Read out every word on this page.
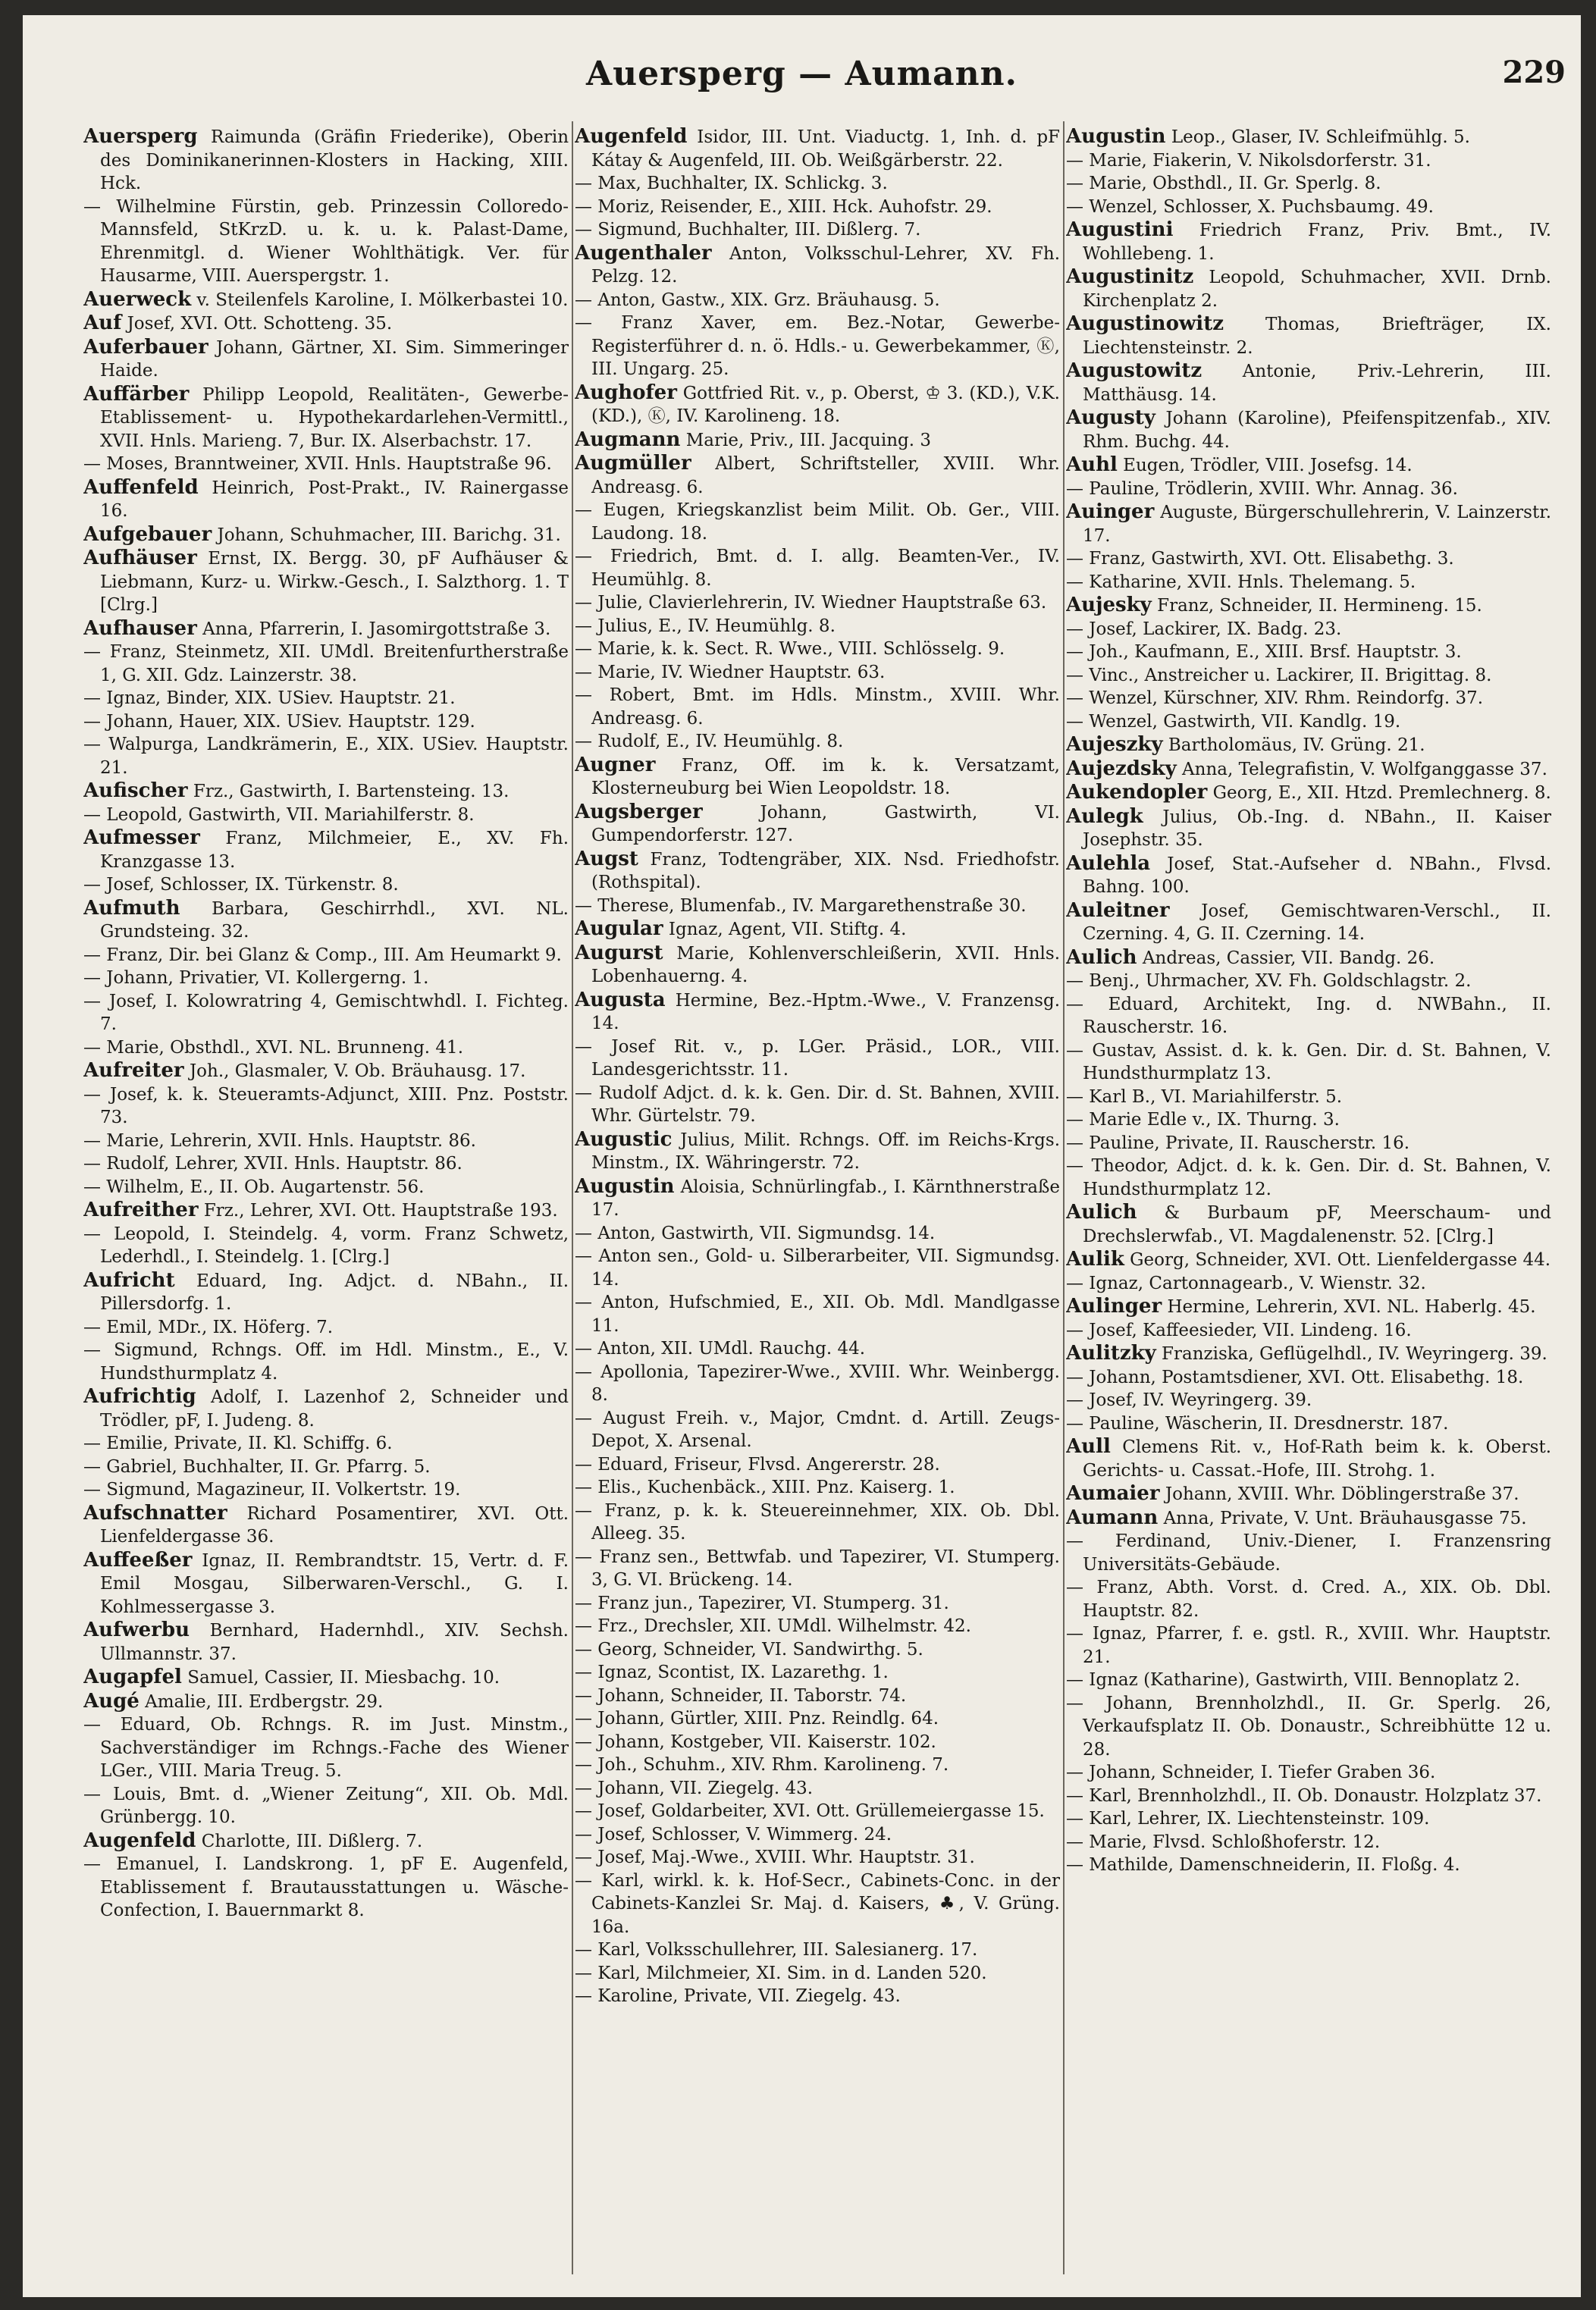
Auersperg — Aumann.	229

Auersperg Raimunda (Gräfin Friederike), Oberin des Dominikanerinnen-Klosters in Hacking, XIII. Hck.

— Wilhelmine Fürstin, geb. Prinzessin Colloredo-Mannsfeld, StKrzD. u. k. u. k. Palast-Dame, Ehrenmitgl. d. Wiener Wohlthätigk. Ver. für Hausarme, VIII. Auerspergstr. 1.

Auerweck v. Steilenfels Karoline, I. Mölkerbastei 10.

Auf Josef, XVI. Ott. Schotteng. 35.

Auferbauer Johann, Gärtner, XI. Sim. Simmeringer Haide.

Auffärber Philipp Leopold, Realitäten-, Gewerbe-Etablissement- u. Hypothekardarlehen-Vermittl., XVII. Hnls. Marieng. 7, Bur. IX. Alserbachstr. 17.

— Moses, Branntweiner, XVII. Hnls. Hauptstraße 96.

Auffenfeld Heinrich, Post-Prakt., IV. Rainergasse 16.

Aufgebauer Johann, Schuhmacher, III. Barichg. 31.

Aufhäuser Ernst, IX. Bergg. 30, pF Aufhäuser & Liebmann, Kurz- u. Wirkw.-Gesch., I. Salzthorg. 1. T [Clrg.]

Aufhauser Anna, Pfarrerin, I. Jasomirgottstraße 3.

— Franz, Steinmetz, XII. UMdl. Breitenfurtherstraße 1, G. XII. Gdz. Lainzerstr. 38.

— Ignaz, Binder, XIX. USiev. Hauptstr. 21.

— Johann, Hauer, XIX. USiev. Hauptstr. 129.

— Walpurga, Landkrämerin, E., XIX. USiev. Hauptstr. 21.

Aufischer Frz., Gastwirth, I. Bartensteing. 13.

— Leopold, Gastwirth, VII. Mariahilferstr. 8.

Aufmesser Franz, Milchmeier, E., XV. Fh. Kranzgasse 13.

— Josef, Schlosser, IX. Türkenstr. 8.

Aufmuth Barbara, Geschirrhdl., XVI. NL. Grundsteing. 32.

— Franz, Dir. bei Glanz & Comp., III. Am Heumarkt 9.

— Johann, Privatier, VI. Kollergerng. 1.

— Josef, I. Kolowratring 4, Gemischtwhdl. I. Fichteg. 7.

— Marie, Obsthdl., XVI. NL. Brunneng. 41.

Aufreiter Joh., Glasmaler, V. Ob. Bräuhausg. 17.

— Josef, k. k. Steueramts-Adjunct, XIII. Pnz. Poststr. 73.

— Marie, Lehrerin, XVII. Hnls. Hauptstr. 86.

— Rudolf, Lehrer, XVII. Hnls. Hauptstr. 86.

— Wilhelm, E., II. Ob. Augartenstr. 56.

Aufreither Frz., Lehrer, XVI. Ott. Hauptstraße 193.

— Leopold, I. Steindelg. 4, vorm. Franz Schwetz, Lederhdl., I. Steindelg. 1. [Clrg.]

Aufricht Eduard, Ing. Adjct. d. NBahn., II. Pillersdorfg. 1.

— Emil, MDr., IX. Höferg. 7.

— Sigmund, Rchngs. Off. im Hdl. Minstm., E., V. Hundsthurmplatz 4.

Aufrichtig Adolf, I. Lazenhof 2, Schneider und Trödler, pF, I. Judeng. 8.

— Emilie, Private, II. Kl. Schiffg. 6.

— Gabriel, Buchhalter, II. Gr. Pfarrg. 5.

— Sigmund, Magazineur, II. Volkertstr. 19.

Aufschnatter Richard Posamentirer, XVI. Ott. Lienfeldergasse 36.

Auffeeßer Ignaz, II. Rembrandtstr. 15, Vertr. d. F. Emil Mosgau, Silberwaren-Verschl., G. I. Kohlmessergasse 3.

Aufwerbu Bernhard, Hadernhdl., XIV. Sechsh. Ullmannstr. 37.

Augapfel Samuel, Cassier, II. Miesbachg. 10.

Augé Amalie, III. Erdbergstr. 29.

— Eduard, Ob. Rchngs. R. im Just. Minstm., Sachverständiger im Rchngs.-Fache des Wiener LGer., VIII. Maria Treug. 5.

— Louis, Bmt. d. „Wiener Zeitung“, XII. Ob. Mdl. Grünbergg. 10.

Augenfeld Charlotte, III. Dißlerg. 7.

— Emanuel, I. Landskrong. 1, pF E. Augenfeld, Etablissement f. Brautausstattungen u. Wäsche-Confection, I. Bauernmarkt 8.

Augenfeld Isidor, III. Unt. Viaductg. 1, Inh. d. pF Kátay & Augenfeld, III. Ob. Weißgärberstr. 22.

— Max, Buchhalter, IX. Schlickg. 3.

— Moriz, Reisender, E., XIII. Hck. Auhofstr. 29.

— Sigmund, Buchhalter, III. Dißlerg. 7.

Augenthaler Anton, Volksschul-Lehrer, XV. Fh. Pelzg. 12.

— Anton, Gastw., XIX. Grz. Bräuhausg. 5.

— Franz Xaver, em. Bez.-Notar, Gewerbe-Registerführer d. n. ö. Hdls.- u. Gewerbekammer, Ⓚ, III. Ungarg. 25.

Aughofer Gottfried Rit. v., p. Oberst, ♔ 3. (KD.), V.K. (KD.), Ⓚ, IV. Karolineng. 18.

Augmann Marie, Priv., III. Jacquing. 3

Augmüller Albert, Schriftsteller, XVIII. Whr. Andreasg. 6.

— Eugen, Kriegskanzlist beim Milit. Ob. Ger., VIII. Laudong. 18.

— Friedrich, Bmt. d. I. allg. Beamten-Ver., IV. Heumühlg. 8.

— Julie, Clavierlehrerin, IV. Wiedner Hauptstraße 63.

— Julius, E., IV. Heumühlg. 8.

— Marie, k. k. Sect. R. Wwe., VIII. Schlösselg. 9.

— Marie, IV. Wiedner Hauptstr. 63.

— Robert, Bmt. im Hdls. Minstm., XVIII. Whr. Andreasg. 6.

— Rudolf, E., IV. Heumühlg. 8.

Augner Franz, Off. im k. k. Versatzamt, Klosterneuburg bei Wien Leopoldstr. 18.

Augsberger	Johann, Gastwirth, VI. Gumpendorferstr. 127.

Augst Franz, Todtengräber, XIX. Nsd. Friedhofstr. (Rothspital).

— Therese, Blumenfab., IV. Margarethenstraße 30.

Augular Ignaz, Agent, VII. Stiftg. 4.

Augurst Marie, Kohlenverschleißerin, XVII. Hnls. Lobenhauerng. 4.

Augusta Hermine, Bez.-Hptm.-Wwe., V. Franzensg. 14.

— Josef Rit. v., p. LGer. Präsid., LOR., VIII. Landesgerichtsstr. 11.

— Rudolf Adjct. d. k. k. Gen. Dir. d. St. Bahnen, XVIII. Whr. Gürtelstr. 79.

Augustic Julius, Milit. Rchngs. Off. im Reichs-Krgs. Minstm., IX. Währingerstr. 72.

Augustin Aloisia, Schnürlingfab., I. Kärnthnerstraße 17.

— Anton, Gastwirth, VII. Sigmundsg. 14.

— Anton sen., Gold- u. Silberarbeiter, VII. Sigmundsg. 14.

— Anton, Hufschmied, E., XII. Ob. Mdl. Mandlgasse 11.

— Anton, XII. UMdl. Rauchg. 44.

— Apollonia, Tapezirer-Wwe., XVIII. Whr. Weinbergg. 8.

— August Freih. v., Major, Cmdnt. d. Artill. Zeugs-Depot, X. Arsenal.

— Eduard, Friseur, Flvsd. Angererstr. 28.

— Elis., Kuchenbäck., XIII. Pnz. Kaiserg. 1.

— Franz, p. k. k. Steuereinnehmer, XIX. Ob. Dbl. Alleeg. 35.

— Franz sen., Bettwfab. und Tapezirer, VI. Stumperg. 3, G. VI. Brückeng. 14.

— Franz jun., Tapezirer, VI. Stumperg. 31.

— Frz., Drechsler, XII. UMdl. Wilhelmstr. 42.

— Georg, Schneider, VI. Sandwirthg. 5.

— Ignaz, Scontist, IX. Lazarethg. 1.

— Johann, Schneider, II. Taborstr. 74.

— Johann, Gürtler, XIII. Pnz. Reindlg. 64.

— Johann, Kostgeber, VII. Kaiserstr. 102.

— Joh., Schuhm., XIV. Rhm. Karolineng. 7.

— Johann, VII. Ziegelg. 43.

— Josef, Goldarbeiter, XVI. Ott. Grüllemeiergasse 15.

— Josef, Schlosser, V. Wimmerg. 24.

— Josef, Maj.-Wwe., XVIII. Whr. Hauptstr. 31.

— Karl, wirkl. k. k. Hof-Secr., Cabinets-Conc. in der Cabinets-Kanzlei Sr. Maj. d. Kaisers, ♣, V. Grüng. 16a.

— Karl, Volksschullehrer, III. Salesianerg. 17.

— Karl, Milchmeier, XI. Sim. in d. Landen 520.

— Karoline, Private, VII. Ziegelg. 43.

Augustin Leop., Glaser, IV. Schleifmühlg. 5.

— Marie, Fiakerin, V. Nikolsdorferstr. 31.

— Marie, Obsthdl., II. Gr. Sperlg. 8.

— Wenzel, Schlosser, X. Puchsbaumg. 49.

Augustini Friedrich Franz, Priv. Bmt., IV. Wohllebeng. 1.

Augustinitz Leopold, Schuhmacher, XVII. Drnb. Kirchenplatz 2.

Augustinowitz Thomas, Briefträger, IX. Liechtensteinstr. 2.

Augustowitz Antonie, Priv.-Lehrerin, III. Matthäusg. 14.

Augusty Johann (Karoline), Pfeifenspitzenfab., XIV. Rhm. Buchg. 44.

Auhl Eugen, Trödler, VIII. Josefsg. 14.

— Pauline, Trödlerin, XVIII. Whr. Annag. 36.

Auinger Auguste, Bürgerschullehrerin, V. Lainzerstr. 17.

— Franz, Gastwirth, XVI. Ott. Elisabethg. 3.

— Katharine, XVII. Hnls. Thelemang. 5.

Aujesky Franz, Schneider, II. Hermineng. 15.

— Josef, Lackirer, IX. Badg. 23.

— Joh., Kaufmann, E., XIII. Brsf. Hauptstr. 3.

— Vinc., Anstreicher u. Lackirer, II. Brigittag. 8.

— Wenzel, Kürschner, XIV. Rhm. Reindorfg. 37.

— Wenzel, Gastwirth, VII. Kandlg. 19.

Aujeszky Bartholomäus, IV. Grüng. 21.

Aujezdsky Anna, Telegrafistin, V. Wolfganggasse 37.

Aukendopler Georg, E., XII. Htzd. Premlechnerg. 8.

Aulegk Julius, Ob.-Ing. d. NBahn., II. Kaiser Josephstr. 35.

Aulehla Josef, Stat.-Aufseher d. NBahn., Flvsd. Bahng. 100.

Auleitner Josef, Gemischtwaren-Verschl., II. Czerning. 4, G. II. Czerning. 14.

Aulich Andreas, Cassier, VII. Bandg. 26.

— Benj., Uhrmacher, XV. Fh. Goldschlagstr. 2.

— Eduard, Architekt, Ing. d. NWBahn., II. Rauscherstr. 16.

— Gustav, Assist. d. k. k. Gen. Dir. d. St. Bahnen, V. Hundsthurmplatz 13.

— Karl B., VI. Mariahilferstr. 5.

— Marie Edle v., IX. Thurng. 3.

— Pauline, Private, II. Rauscherstr. 16.

— Theodor, Adjct. d. k. k. Gen. Dir. d. St. Bahnen, V. Hundsthurmplatz 12.

Aulich & Burbaum pF, Meerschaum- und Drechslerwfab., VI. Magdalenenstr. 52. [Clrg.]

Aulik Georg, Schneider, XVI. Ott. Lienfeldergasse 44.

— Ignaz, Cartonnagearb., V. Wienstr. 32.

Aulinger Hermine, Lehrerin, XVI. NL. Haberlg. 45.

— Josef, Kaffeesieder, VII. Lindeng. 16.

Aulitzky Franziska, Geflügelhdl., IV. Weyringerg. 39.

— Johann, Postamtsdiener, XVI. Ott. Elisabethg. 18.

— Josef, IV. Weyringerg. 39.

— Pauline, Wäscherin, II. Dresdnerstr. 187.

Aull Clemens Rit. v., Hof-Rath beim k. k. Oberst. Gerichts- u. Cassat.-Hofe, III. Strohg. 1.

Aumaier Johann, XVIII. Whr. Döblingerstraße 37.

Aumann Anna, Private, V. Unt. Bräuhausgasse 75.

— Ferdinand, Univ.-Diener, I. Franzensring Universitäts-Gebäude.

— Franz, Abth. Vorst. d. Cred. A., XIX. Ob. Dbl. Hauptstr. 82.

— Ignaz, Pfarrer, f. e. gstl. R., XVIII. Whr. Hauptstr. 21.

— Ignaz (Katharine), Gastwirth, VIII. Bennoplatz 2.

— Johann, Brennholzhdl., II. Gr. Sperlg. 26, Verkaufsplatz II. Ob. Donaustr., Schreibhütte 12 u. 28.

— Johann, Schneider, I. Tiefer Graben 36.

— Karl, Brennholzhdl., II. Ob. Donaustr. Holzplatz 37.

— Karl, Lehrer, IX. Liechtensteinstr. 109.

— Marie, Flvsd. Schloßhoferstr. 12.

— Mathilde, Damenschneiderin, II. Floßg. 4.
